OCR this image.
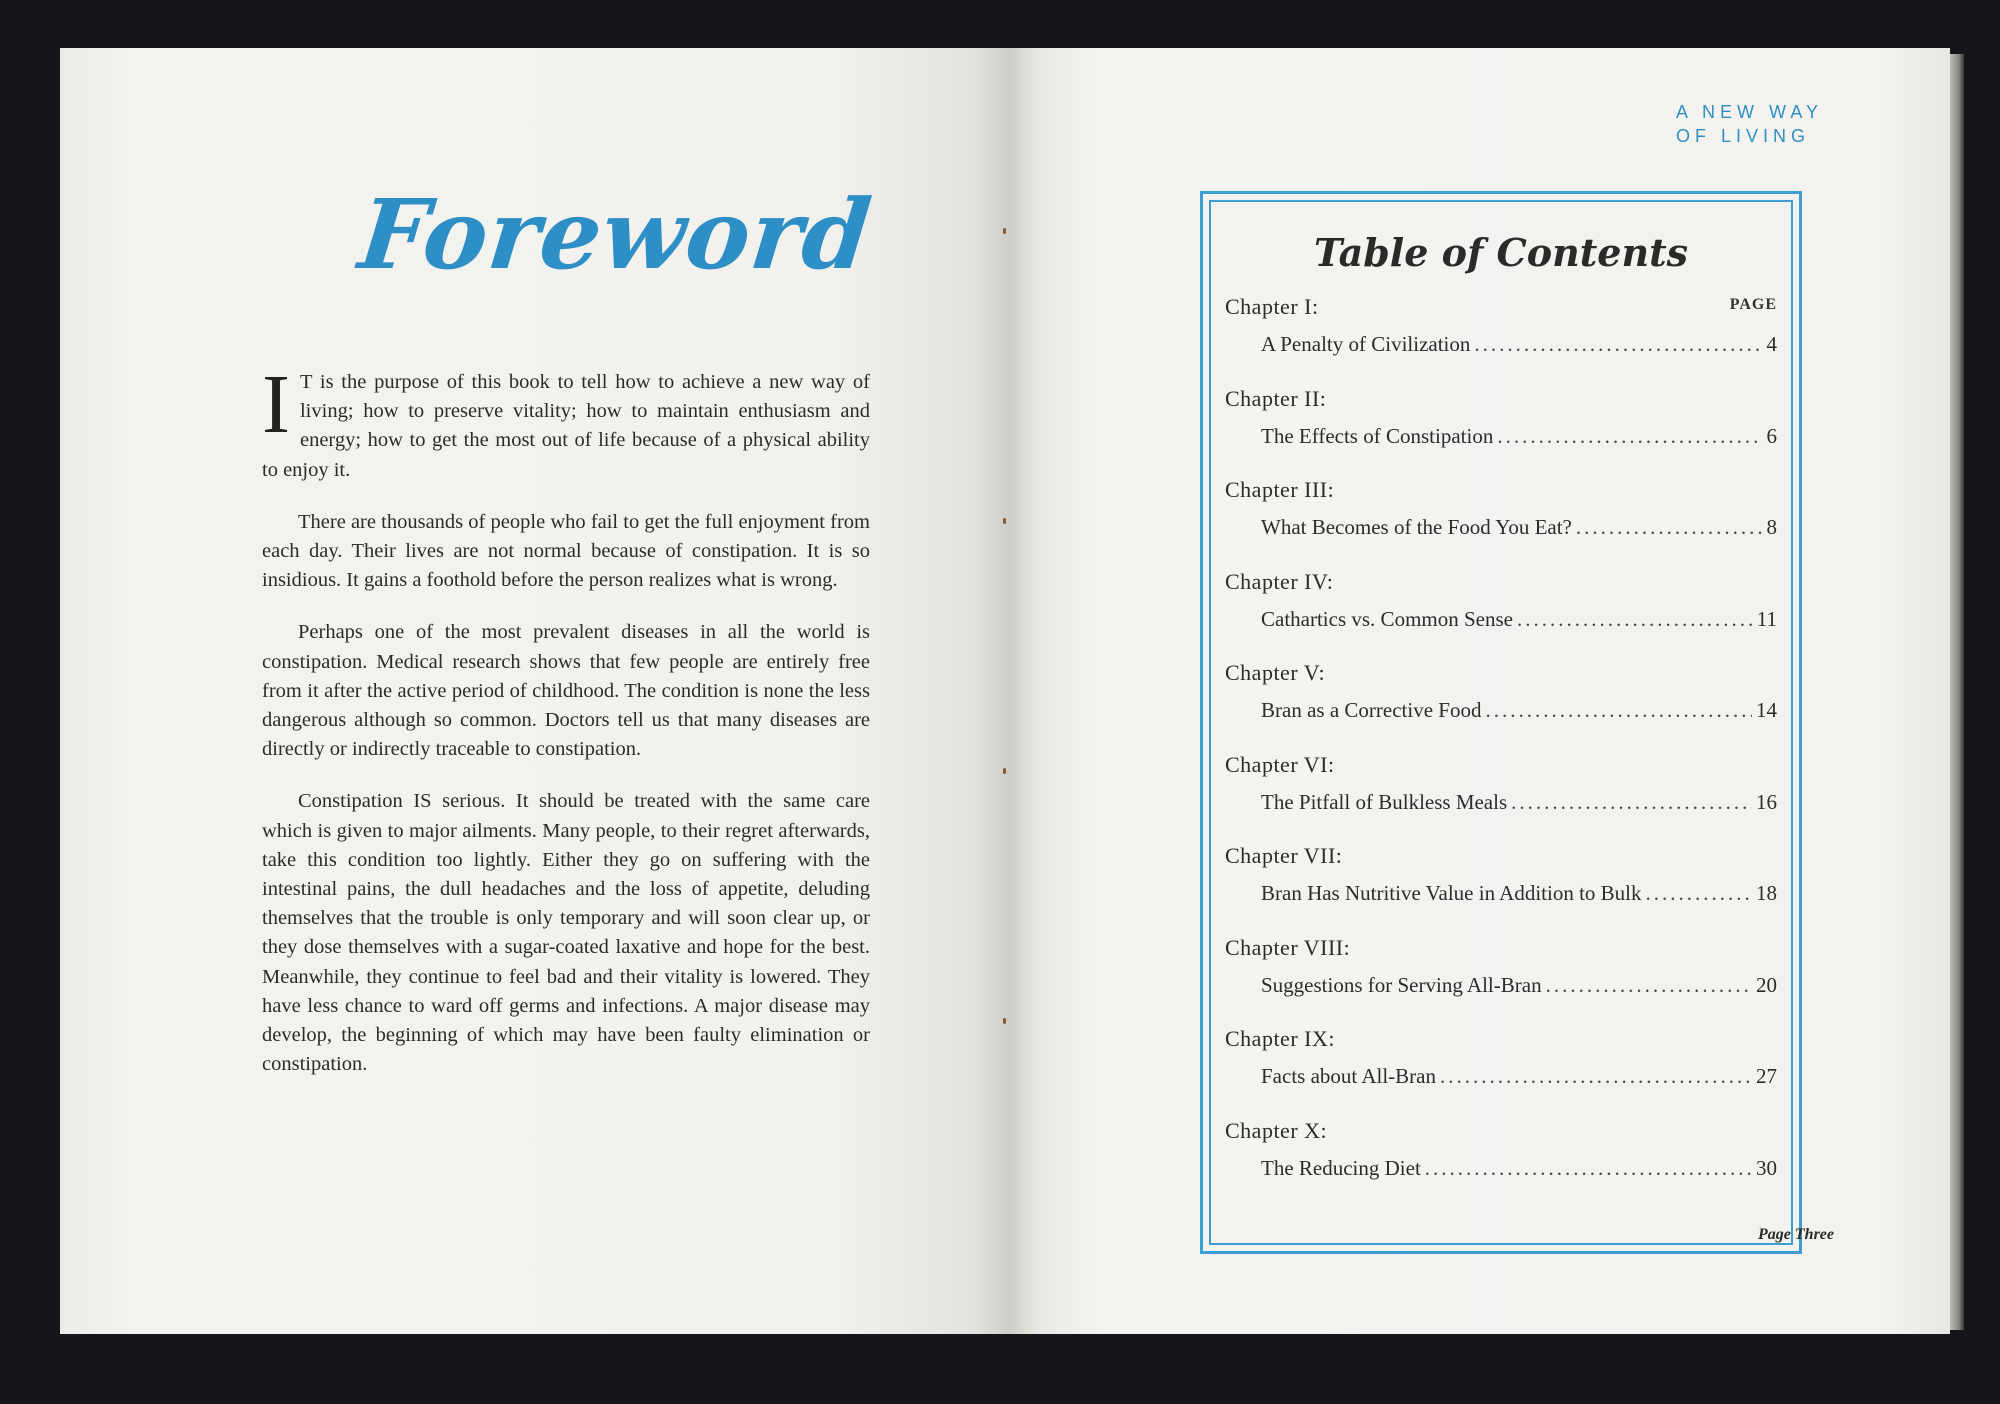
Foreword

I T is the purpose of this book to tell how to achieve a new way of living; how to preserve vitality; how to maintain enthusiasm and energy; how to get the most out of life because of a physical ability to enjoy it.

There are thousands of people who fail to get the full enjoyment from each day. Their lives are not normal because of constipation. It is so insidious. It gains a foothold before the person realizes what is wrong.

Perhaps one of the most prevalent diseases in all the world is constipation. Medical research shows that few people are entirely free from it after the active period of childhood. The condition is none the less dangerous although so common. Doctors tell us that many diseases are directly or indirectly traceable to constipation.

Constipation IS serious. It should be treated with the same care which is given to major ailments. Many people, to their regret afterwards, take this condition too lightly. Either they go on suffering with the intestinal pains, the dull headaches and the loss of appetite, deluding themselves that the trouble is only temporary and will soon clear up, or they dose themselves with a sugar-coated laxative and hope for the best. Meanwhile, they continue to feel bad and their vitality is lowered. They have less chance to ward off germs and infections. A major disease may develop, the beginning of which may have been faulty elimination or constipation.

A NEW WAY
OF LIVING
Table of Contents
PAGE
Chapter I:
A Penalty of Civilization .....	4
Chapter II:
The Effects of Constipation .....	6
Chapter III:
What Becomes of the Food You Eat? .....	8
Chapter IV:
Cathartics vs. Common Sense .....	11
Chapter V:
Bran as a Corrective Food .....	14
Chapter VI:
The Pitfall of Bulkless Meals .....	16
Chapter VII:
Bran Has Nutritive Value in Addition to Bulk .....	18
Chapter VIII:
Suggestions for Serving All-Bran .....	20
Chapter IX:
Facts about All-Bran .....	27
Chapter X:
The Reducing Diet .....	30
Page Three
